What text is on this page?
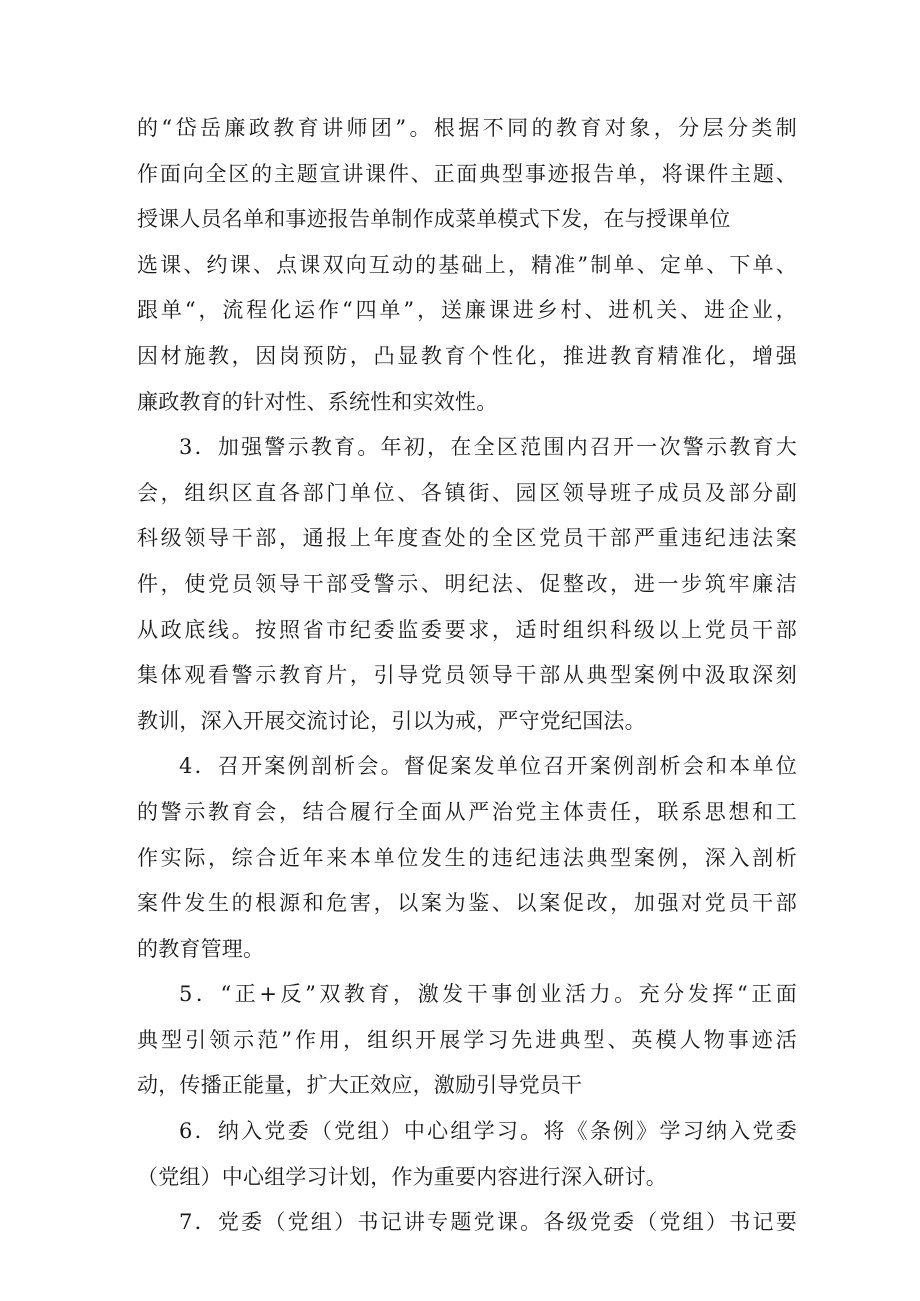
的“岱岳廉政教育讲师团”。根据不同的教育对象，分层分类制
作面向全区的主题宣讲课件、正面典型事迹报告单，将课件主题、
授课人员名单和事迹报告单制作成菜单模式下发，在与授课单位
选课、约课、点课双向互动的基础上，精准”制单、定单、下单、
跟单“，流程化运作“四单”，送廉课进乡村、进机关、进企业，
因材施教，因岗预防，凸显教育个性化，推进教育精准化，增强
廉政教育的针对性、系统性和实效性。
3．加强警示教育。年初，在全区范围内召开一次警示教育大
会，组织区直各部门单位、各镇街、园区领导班子成员及部分副
科级领导干部，通报上年度查处的全区党员干部严重违纪违法案
件，使党员领导干部受警示、明纪法、促整改，进一步筑牢廉洁
从政底线。按照省市纪委监委要求，适时组织科级以上党员干部
集体观看警示教育片，引导党员领导干部从典型案例中汲取深刻
教训，深入开展交流讨论，引以为戒，严守党纪国法。
4．召开案例剖析会。督促案发单位召开案例剖析会和本单位
的警示教育会，结合履行全面从严治党主体责任，联系思想和工
作实际，综合近年来本单位发生的违纪违法典型案例，深入剖析
案件发生的根源和危害，以案为鉴、以案促改，加强对党员干部
的教育管理。
5．“正+反”双教育，激发干事创业活力。充分发挥“正面
典型引领示范”作用，组织开展学习先进典型、英模人物事迹活
动，传播正能量，扩大正效应，激励引导党员干
6．纳入党委（党组）中心组学习。将《条例》学习纳入党委
（党组）中心组学习计划，作为重要内容进行深入研讨。
7．党委（党组）书记讲专题党课。各级党委（党组）书记要
